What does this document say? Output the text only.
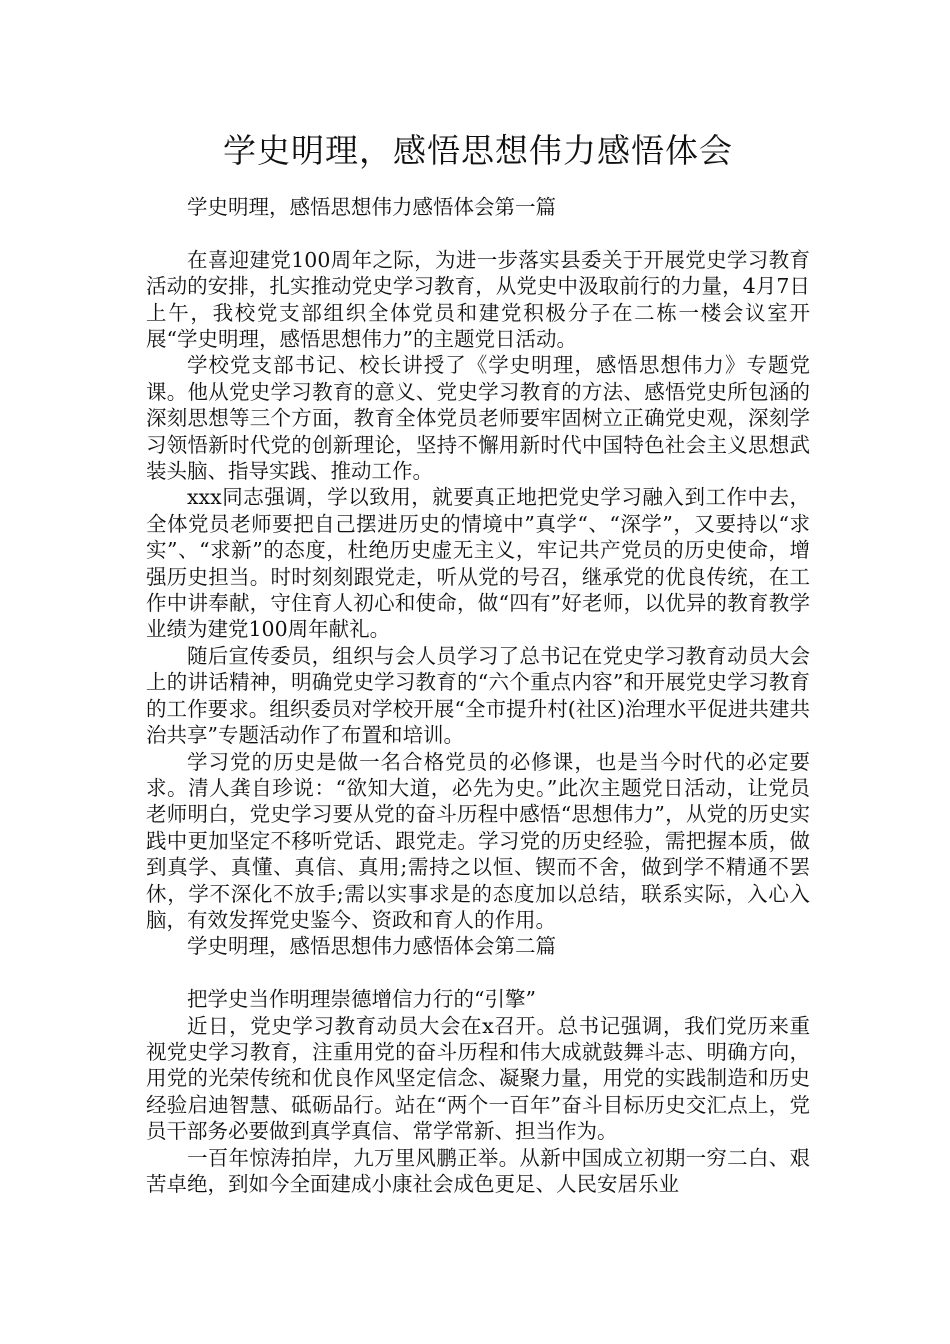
学史明理，感悟思想伟力感悟体会

学史明理，感悟思想伟力感悟体会第一篇

在喜迎建党100周年之际，为进一步落实县委关于开展党史学习教育活动的安排，扎实推动党史学习教育，从党史中汲取前行的力量，4月7日上午，我校党支部组织全体党员和建党积极分子在二栋一楼会议室开展“学史明理，感悟思想伟力”的主题党日活动。

学校党支部书记、校长讲授了《学史明理，感悟思想伟力》专题党课。他从党史学习教育的意义、党史学习教育的方法、感悟党史所包涵的深刻思想等三个方面，教育全体党员老师要牢固树立正确党史观，深刻学习领悟新时代党的创新理论，坚持不懈用新时代中国特色社会主义思想武装头脑、指导实践、推动工作。

xxx同志强调，学以致用，就要真正地把党史学习融入到工作中去，全体党员老师要把自己摆进历史的情境中”真学“、“深学”，又要持以“求实”、“求新”的态度，杜绝历史虚无主义，牢记共产党员的历史使命，增强历史担当。时时刻刻跟党走，听从党的号召，继承党的优良传统，在工作中讲奉献，守住育人初心和使命，做“四有”好老师，以优异的教育教学业绩为建党100周年献礼。

随后宣传委员，组织与会人员学习了总书记在党史学习教育动员大会上的讲话精神，明确党史学习教育的“六个重点内容”和开展党史学习教育的工作要求。组织委员对学校开展“全市提升村(社区)治理水平促进共建共治共享”专题活动作了布置和培训。

学习党的历史是做一名合格党员的必修课，也是当今时代的必定要求。清人龚自珍说：“欲知大道，必先为史。”此次主题党日活动，让党员老师明白，党史学习要从党的奋斗历程中感悟“思想伟力”，从党的历史实践中更加坚定不移听党话、跟党走。学习党的历史经验，需把握本质，做到真学、真懂、真信、真用;需持之以恒、锲而不舍，做到学不精通不罢休，学不深化不放手;需以实事求是的态度加以总结，联系实际，入心入脑，有效发挥党史鉴今、资政和育人的作用。

学史明理，感悟思想伟力感悟体会第二篇

把学史当作明理崇德增信力行的“引擎”

近日，党史学习教育动员大会在x召开。总书记强调，我们党历来重视党史学习教育，注重用党的奋斗历程和伟大成就鼓舞斗志、明确方向，用党的光荣传统和优良作风坚定信念、凝聚力量，用党的实践制造和历史经验启迪智慧、砥砺品行。站在“两个一百年”奋斗目标历史交汇点上，党员干部务必要做到真学真信、常学常新、担当作为。

一百年惊涛拍岸，九万里风鹏正举。从新中国成立初期一穷二白、艰苦卓绝，到如今全面建成小康社会成色更足、人民安居乐业
